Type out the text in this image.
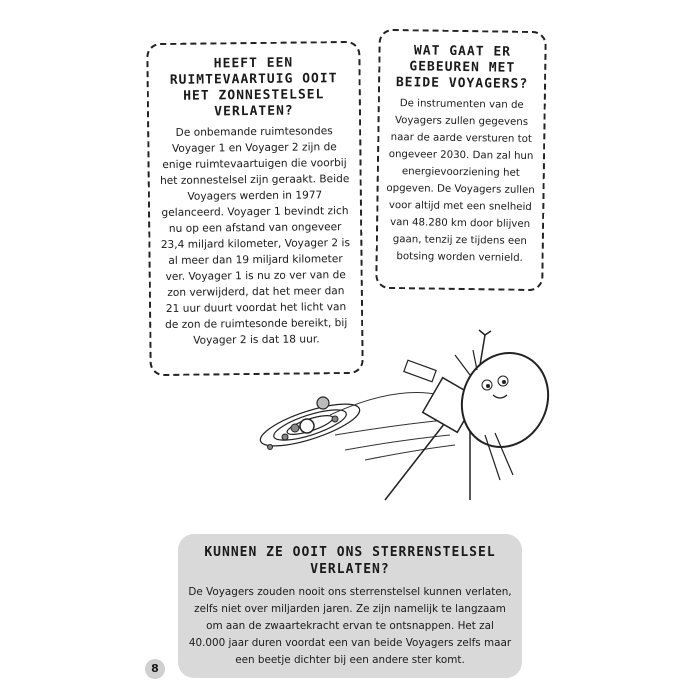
HEEFT EEN RUIMTEVAARTUIG OOIT HET ZONNESTELSEL VERLATEN?

De onbemande ruimtesondes Voyager 1 en Voyager 2 zijn de enige ruimtevaartuigen die voorbij het zonnestelsel zijn geraakt. Beide Voyagers werden in 1977 gelanceerd. Voyager 1 bevindt zich nu op een afstand van ongeveer 23,4 miljard kilometer, Voyager 2 is al meer dan 19 miljard kilometer ver. Voyager 1 is nu zo ver van de zon verwijderd, dat het meer dan 21 uur duurt voordat het licht van de zon de ruimtesonde bereikt, bij Voyager 2 is dat 18 uur.

WAT GAAT ER GEBEUREN MET BEIDE VOYAGERS?

De instrumenten van de Voyagers zullen gegevens naar de aarde versturen tot ongeveer 2030. Dan zal hun energievoorziening het opgeven. De Voyagers zullen voor altijd met een snelheid van 48.280 km door blijven gaan, tenzij ze tijdens een botsing worden vernield.

KUNNEN ZE OOIT ONS STERRENSTELSEL VERLATEN?

De Voyagers zouden nooit ons sterrenstelsel kunnen verlaten, zelfs niet over miljarden jaren. Ze zijn namelijk te langzaam om aan de zwaartekracht ervan te ontsnappen. Het zal 40.000 jaar duren voordat een van beide Voyagers zelfs maar een beetje dichter bij een andere ster komt.

8
